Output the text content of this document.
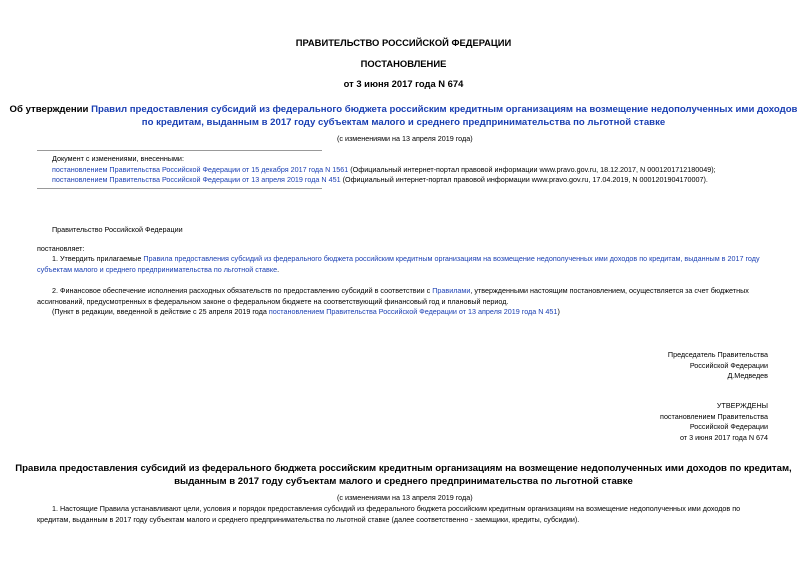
ПРАВИТЕЛЬСТВО РОССИЙСКОЙ ФЕДЕРАЦИИ
ПОСТАНОВЛЕНИЕ
от 3 июня 2017 года N 674
Об утверждении Правил предоставления субсидий из федерального бюджета российским кредитным организациям на возмещение недополученных ими доходов
по кредитам, выданным в 2017 году субъектам малого и среднего предпринимательства по льготной ставке
(с изменениями на 13 апреля 2019 года)
Документ с изменениями, внесенными:
постановлением Правительства Российской Федерации от 15 декабря 2017 года N 1561 (Официальный интернет-портал правовой информации www.pravo.gov.ru, 18.12.2017, N 0001201712180049);
постановлением Правительства Российской Федерации от 13 апреля 2019 года N 451 (Официальный интернет-портал правовой информации www.pravo.gov.ru, 17.04.2019, N 0001201904170007).
Правительство Российской Федерации
постановляет:
1. Утвердить прилагаемые Правила предоставления субсидий из федерального бюджета российским кредитным организациям на возмещение недополученных ими доходов по кредитам, выданным в 2017 году
субъектам малого и среднего предпринимательства по льготной ставке.
2. Финансовое обеспечение исполнения расходных обязательств по предоставлению субсидий в соответствии с Правилами, утвержденными настоящим постановлением, осуществляется за счет бюджетных
ассигнований, предусмотренных в федеральном законе о федеральном бюджете на соответствующий финансовый год и плановый период.
(Пункт в редакции, введенной в действие с 25 апреля 2019 года постановлением Правительства Российской Федерации от 13 апреля 2019 года N 451)
Председатель Правительства
Российской Федерации
Д.Медведев
УТВЕРЖДЕНЫ
постановлением Правительства
Российской Федерации
от 3 июня 2017 года N 674
Правила предоставления субсидий из федерального бюджета российским кредитным организациям на возмещение недополученных ими доходов по кредитам,
выданным в 2017 году субъектам малого и среднего предпринимательства по льготной ставке
(с изменениями на 13 апреля 2019 года)
1. Настоящие Правила устанавливают цели, условия и порядок предоставления субсидий из федерального бюджета российским кредитным организациям на возмещение недополученных ими доходов по
кредитам, выданным в 2017 году субъектам малого и среднего предпринимательства по льготной ставке (далее соответственно - заемщики, кредиты, субсидии).
